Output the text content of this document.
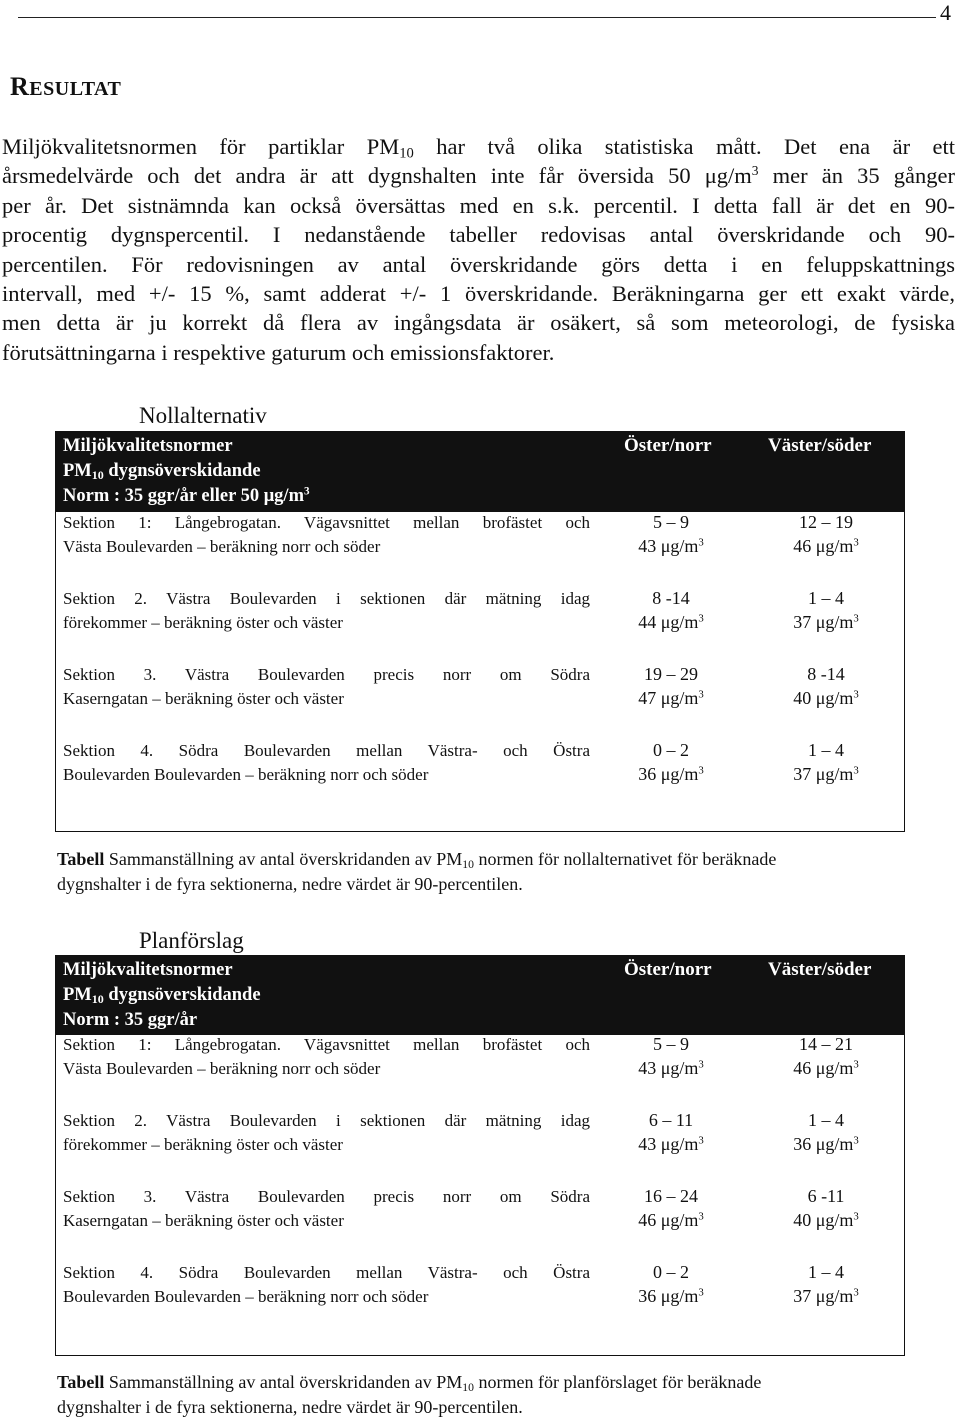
4
RESULTAT
Miljökvalitetsnormen för partiklar $PM_{10}$ har två olika statistiska mått. Det ena är ett
årsmedelvärde och det andra är att dygnshalten inte får översida 50 $\mu g/m^3$ mer än 35 gånger
per år. Det sistnämnda kan också översättas med en s.k. percentil. I detta fall är det en 90-
procentig dygnspercentil. I nedanstående tabeller redovisas antal överskridande och 90-
percentilen. För redovisningen av antal överskridande görs detta i en feluppskattnings
intervall, med +/- 15 %, samt adderat +/- 1 överskridande. Beräkningarna ger ett exakt värde,
men detta är ju korrekt då flera av ingångsdata är osäkert, så som meteorologi, de fysiska
förutsättningarna i respektive gaturum och emissionsfaktorer.
Nollalternativ
Miljökvalitetsnormer
$PM_{10}$ dygnsöverskidande
Norm : 35 ggr/år eller 50 $\mu g/m^3$
Öster/norr	Väster/söder
Sektion 1: Långebrogatan. Vägavsnittet mellan brofästet och
Västa Boulevarden – beräkning norr och söder
5 – 9
43 $\mu g/m^3$
12 – 19
46 $\mu g/m^3$
Sektion 2. Västra Boulevarden i sektionen där mätning idag
förekommer – beräkning öster och väster
8 -14
44 $\mu g/m^3$
1 – 4
37 $\mu g/m^3$
Sektion 3. Västra Boulevarden precis norr om Södra
Kaserngatan – beräkning öster och väster
19 – 29
47 $\mu g/m^3$
8 -14
40 $\mu g/m^3$
Sektion 4. Södra Boulevarden mellan Västra- och Östra
Boulevarden Boulevarden – beräkning norr och söder
0 – 2
36 $\mu g/m^3$
1 – 4
37 $\mu g/m^3$
Tabell Sammanställning av antal överskridanden av $PM_{10}$ normen för nollalternativet för beräknade
dygnshalter i de fyra sektionerna, nedre värdet är 90-percentilen.
Planförslag
Miljökvalitetsnormer
$PM_{10}$ dygnsöverskidande
Norm : 35 ggr/år
Öster/norr	Väster/söder
Sektion 1: Långebrogatan. Vägavsnittet mellan brofästet och
Västa Boulevarden – beräkning norr och söder
5 – 9
43 $\mu g/m^3$
14 – 21
46 $\mu g/m^3$
Sektion 2. Västra Boulevarden i sektionen där mätning idag
förekommer – beräkning öster och väster
6 – 11
43 $\mu g/m^3$
1 – 4
36 $\mu g/m^3$
Sektion 3. Västra Boulevarden precis norr om Södra
Kaserngatan – beräkning öster och väster
16 – 24
46 $\mu g/m^3$
6 -11
40 $\mu g/m^3$
Sektion 4. Södra Boulevarden mellan Västra- och Östra
Boulevarden Boulevarden – beräkning norr och söder
0 – 2
36 $\mu g/m^3$
1 – 4
37 $\mu g/m^3$
Tabell Sammanställning av antal överskridanden av $PM_{10}$ normen för planförslaget för beräknade
dygnshalter i de fyra sektionerna, nedre värdet är 90-percentilen.
